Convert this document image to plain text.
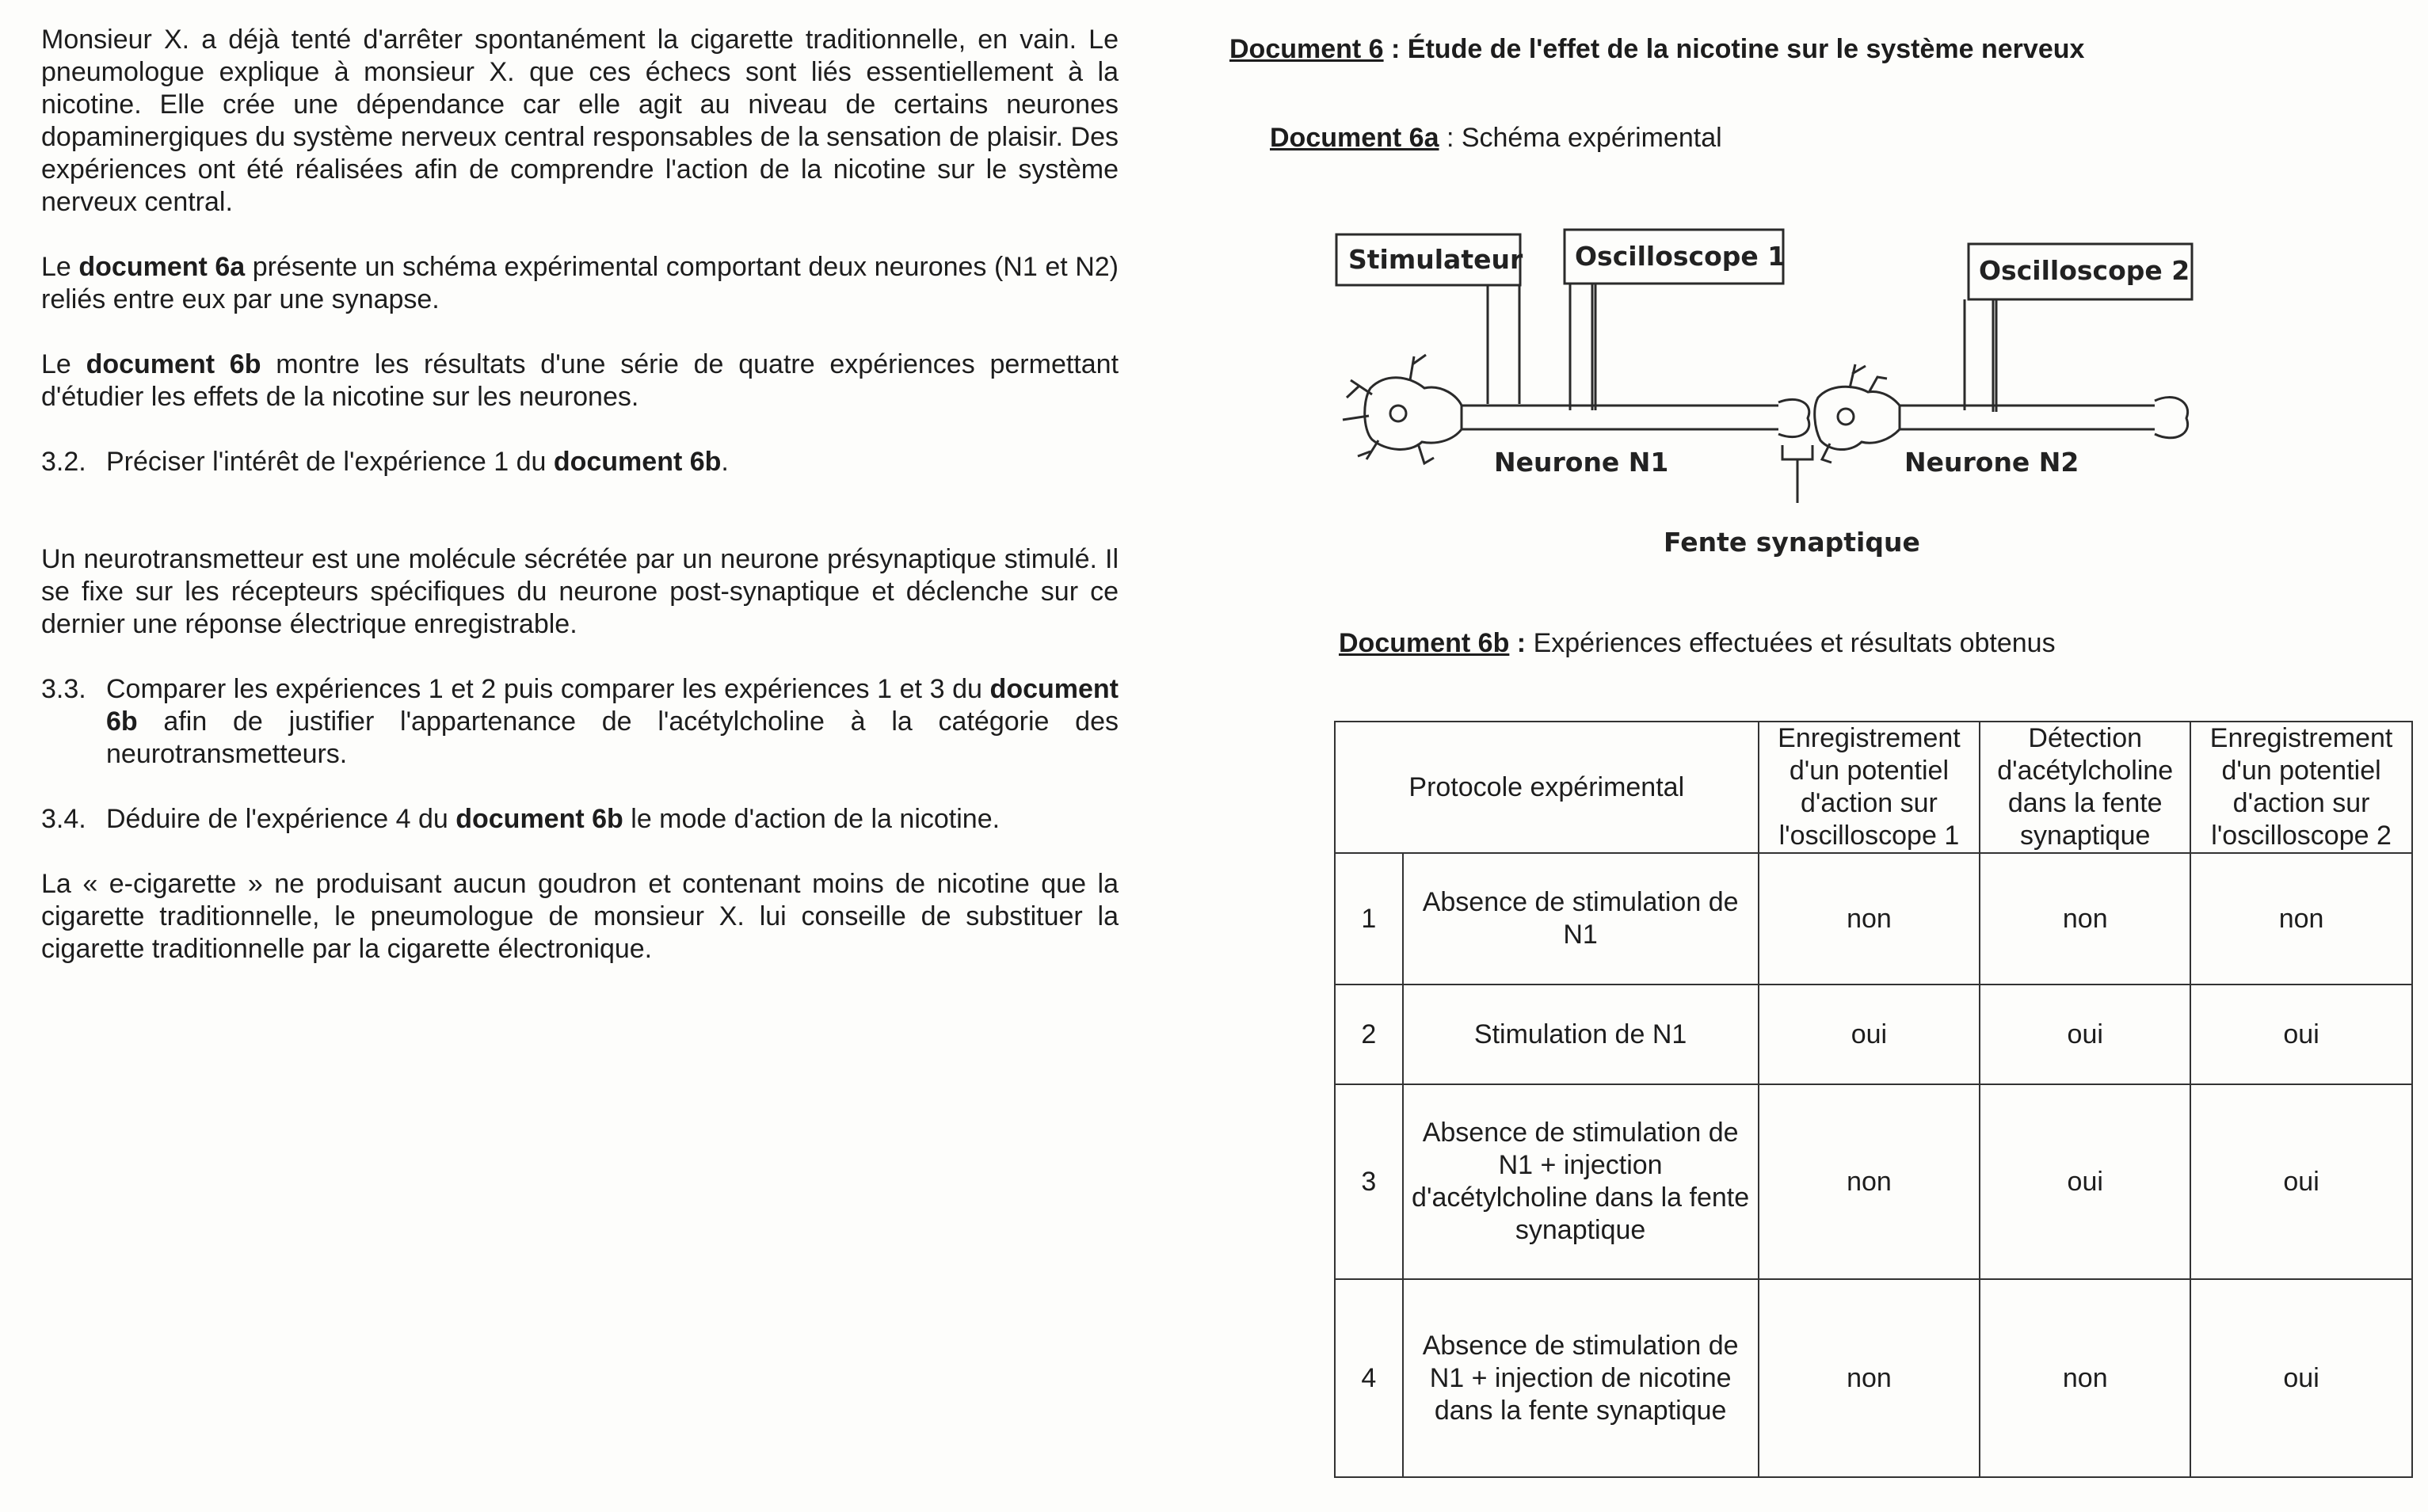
Monsieur X. a déjà tenté d'arrêter spontanément la cigarette traditionnelle, en vain. Le pneumologue explique à monsieur X. que ces échecs sont liés essentiellement à la nicotine. Elle crée une dépendance car elle agit au niveau de certains neurones dopaminergiques du système nerveux central responsables de la sensation de plaisir. Des expériences ont été réalisées afin de comprendre l'action de la nicotine sur le système nerveux central.

Le document 6a présente un schéma expérimental comportant deux neurones (N1 et N2) reliés entre eux par une synapse.

Le document 6b montre les résultats d'une série de quatre expériences permettant d'étudier les effets de la nicotine sur les neurones.

3.2. Préciser l'intérêt de l'expérience 1 du document 6b.

Un neurotransmetteur est une molécule sécrétée par un neurone présynaptique stimulé. Il se fixe sur les récepteurs spécifiques du neurone post-synaptique et déclenche sur ce dernier une réponse électrique enregistrable.

3.3. Comparer les expériences 1 et 2 puis comparer les expériences 1 et 3 du document 6b afin de justifier l'appartenance de l'acétylcholine à la catégorie des neurotransmetteurs.
3.4. Déduire de l'expérience 4 du document 6b le mode d'action de la nicotine.

La « e-cigarette » ne produisant aucun goudron et contenant moins de nicotine que la cigarette traditionnelle, le pneumologue de monsieur X. lui conseille de substituer la cigarette traditionnelle par la cigarette électronique.

Document 6 : Étude de l'effet de la nicotine sur le système nerveux
Document 6a : Schéma expérimental
Stimulateur Oscilloscope 1	Oscilloscope 2
Neurone N1	Neurone N2
Fente synaptique
Document 6b : Expériences effectuées et résultats obtenus
Protocole expérimental		Enregistrement d'un potentiel d'action sur l'oscilloscope 1	Détection d'acétylcholine dans la fente synaptique	Enregistrement d'un potentiel d'action sur l'oscilloscope 2
1	Absence de stimulation de N1	non	non	non
2	Stimulation de N1	oui	oui	oui
3	Absence de stimulation de N1 + injection d'acétylcholine dans la fente synaptique	non	oui	oui
4	Absence de stimulation de N1 + injection de nicotine dans la fente synaptique	non	non	oui
